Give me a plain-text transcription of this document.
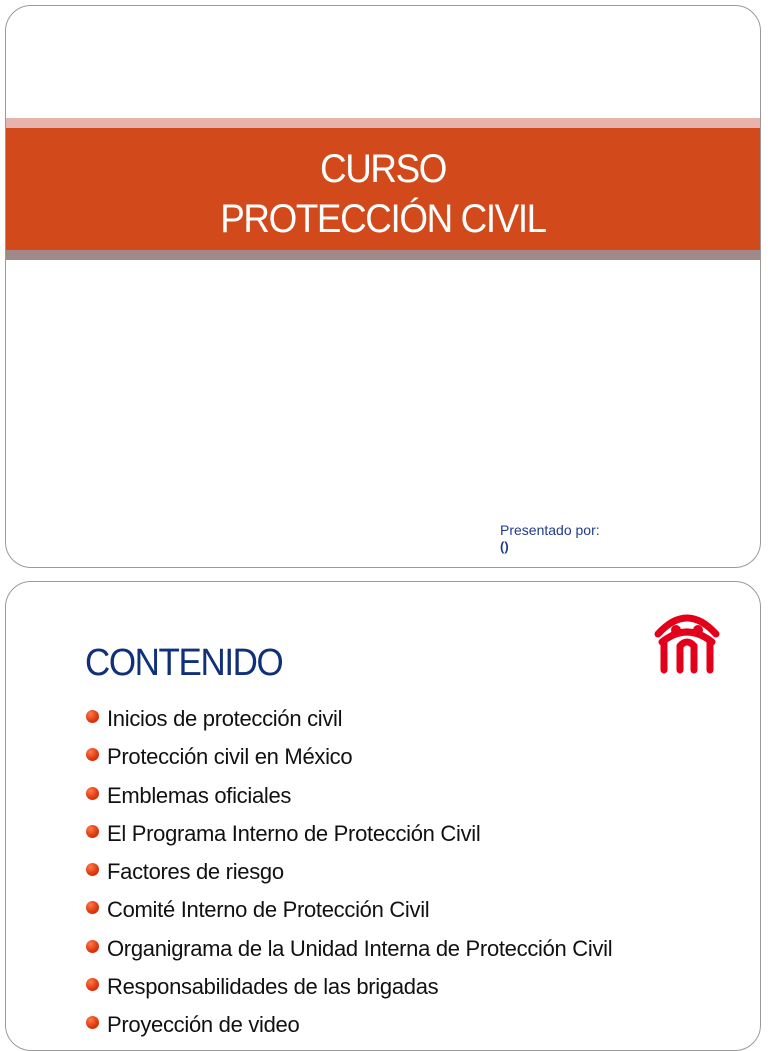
CURSO
PROTECCIÓN CIVIL
Presentado por:
()
CONTENIDO
Inicios de protección civil
Protección civil en México
Emblemas oficiales
El Programa Interno de Protección Civil
Factores de riesgo
Comité Interno de Protección Civil
Organigrama de la Unidad Interna de Protección Civil
Responsabilidades de las brigadas
Proyección de video
